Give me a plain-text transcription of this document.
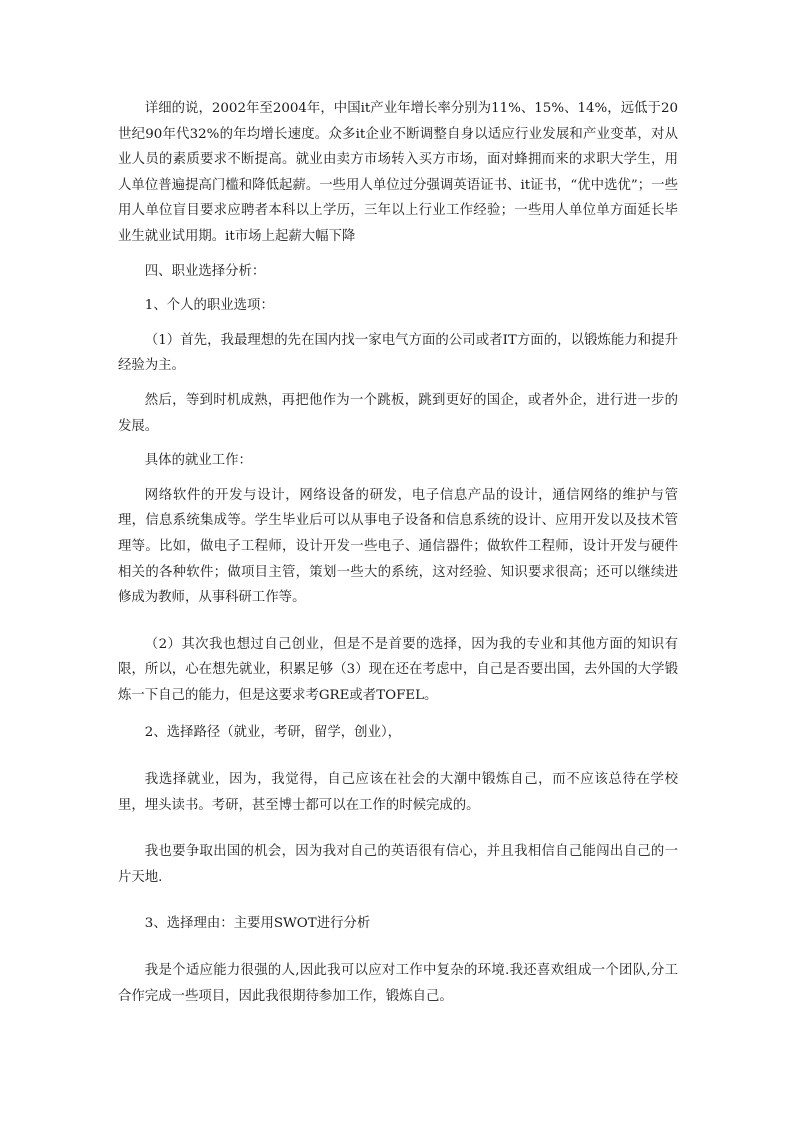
详细的说，2002年至2004年，中国it产业年增长率分别为11%、15%、14%，远低于20世纪90年代32%的年均增长速度。众多it企业不断调整自身以适应行业发展和产业变革，对从业人员的素质要求不断提高。就业由卖方市场转入买方市场，面对蜂拥而来的求职大学生，用人单位普遍提高门槛和降低起薪。一些用人单位过分强调英语证书、it证书，“优中选优”；一些用人单位盲目要求应聘者本科以上学历，三年以上行业工作经验；一些用人单位单方面延长毕业生就业试用期。it市场上起薪大幅下降

四、职业选择分析：

1、个人的职业选项：

（1）首先，我最理想的先在国内找一家电气方面的公司或者IT方面的，以锻炼能力和提升经验为主。

然后，等到时机成熟，再把他作为一个跳板，跳到更好的国企，或者外企，进行进一步的发展。

具体的就业工作：

网络软件的开发与设计，网络设备的研发，电子信息产品的设计，通信网络的维护与管理，信息系统集成等。学生毕业后可以从事电子设备和信息系统的设计、应用开发以及技术管理等。比如，做电子工程师，设计开发一些电子、通信器件；做软件工程师，设计开发与硬件相关的各种软件；做项目主管，策划一些大的系统，这对经验、知识要求很高；还可以继续进修成为教师，从事科研工作等。

（2）其次我也想过自己创业，但是不是首要的选择，因为我的专业和其他方面的知识有限，所以，心在想先就业，积累足够（3）现在还在考虑中，自己是否要出国，去外国的大学锻炼一下自己的能力，但是这要求考GRE或者TOFEL。

2、选择路径（就业，考研，留学，创业），

我选择就业，因为，我觉得，自己应该在社会的大潮中锻炼自己，而不应该总待在学校里，埋头读书。考研，甚至博士都可以在工作的时候完成的。

我也要争取出国的机会，因为我对自己的英语很有信心，并且我相信自己能闯出自己的一片天地.

3、选择理由：主要用SWOT进行分析

我是个适应能力很强的人,因此我可以应对工作中复杂的环境.我还喜欢组成一个团队,分工合作完成一些项目，因此我很期待参加工作，锻炼自己。
